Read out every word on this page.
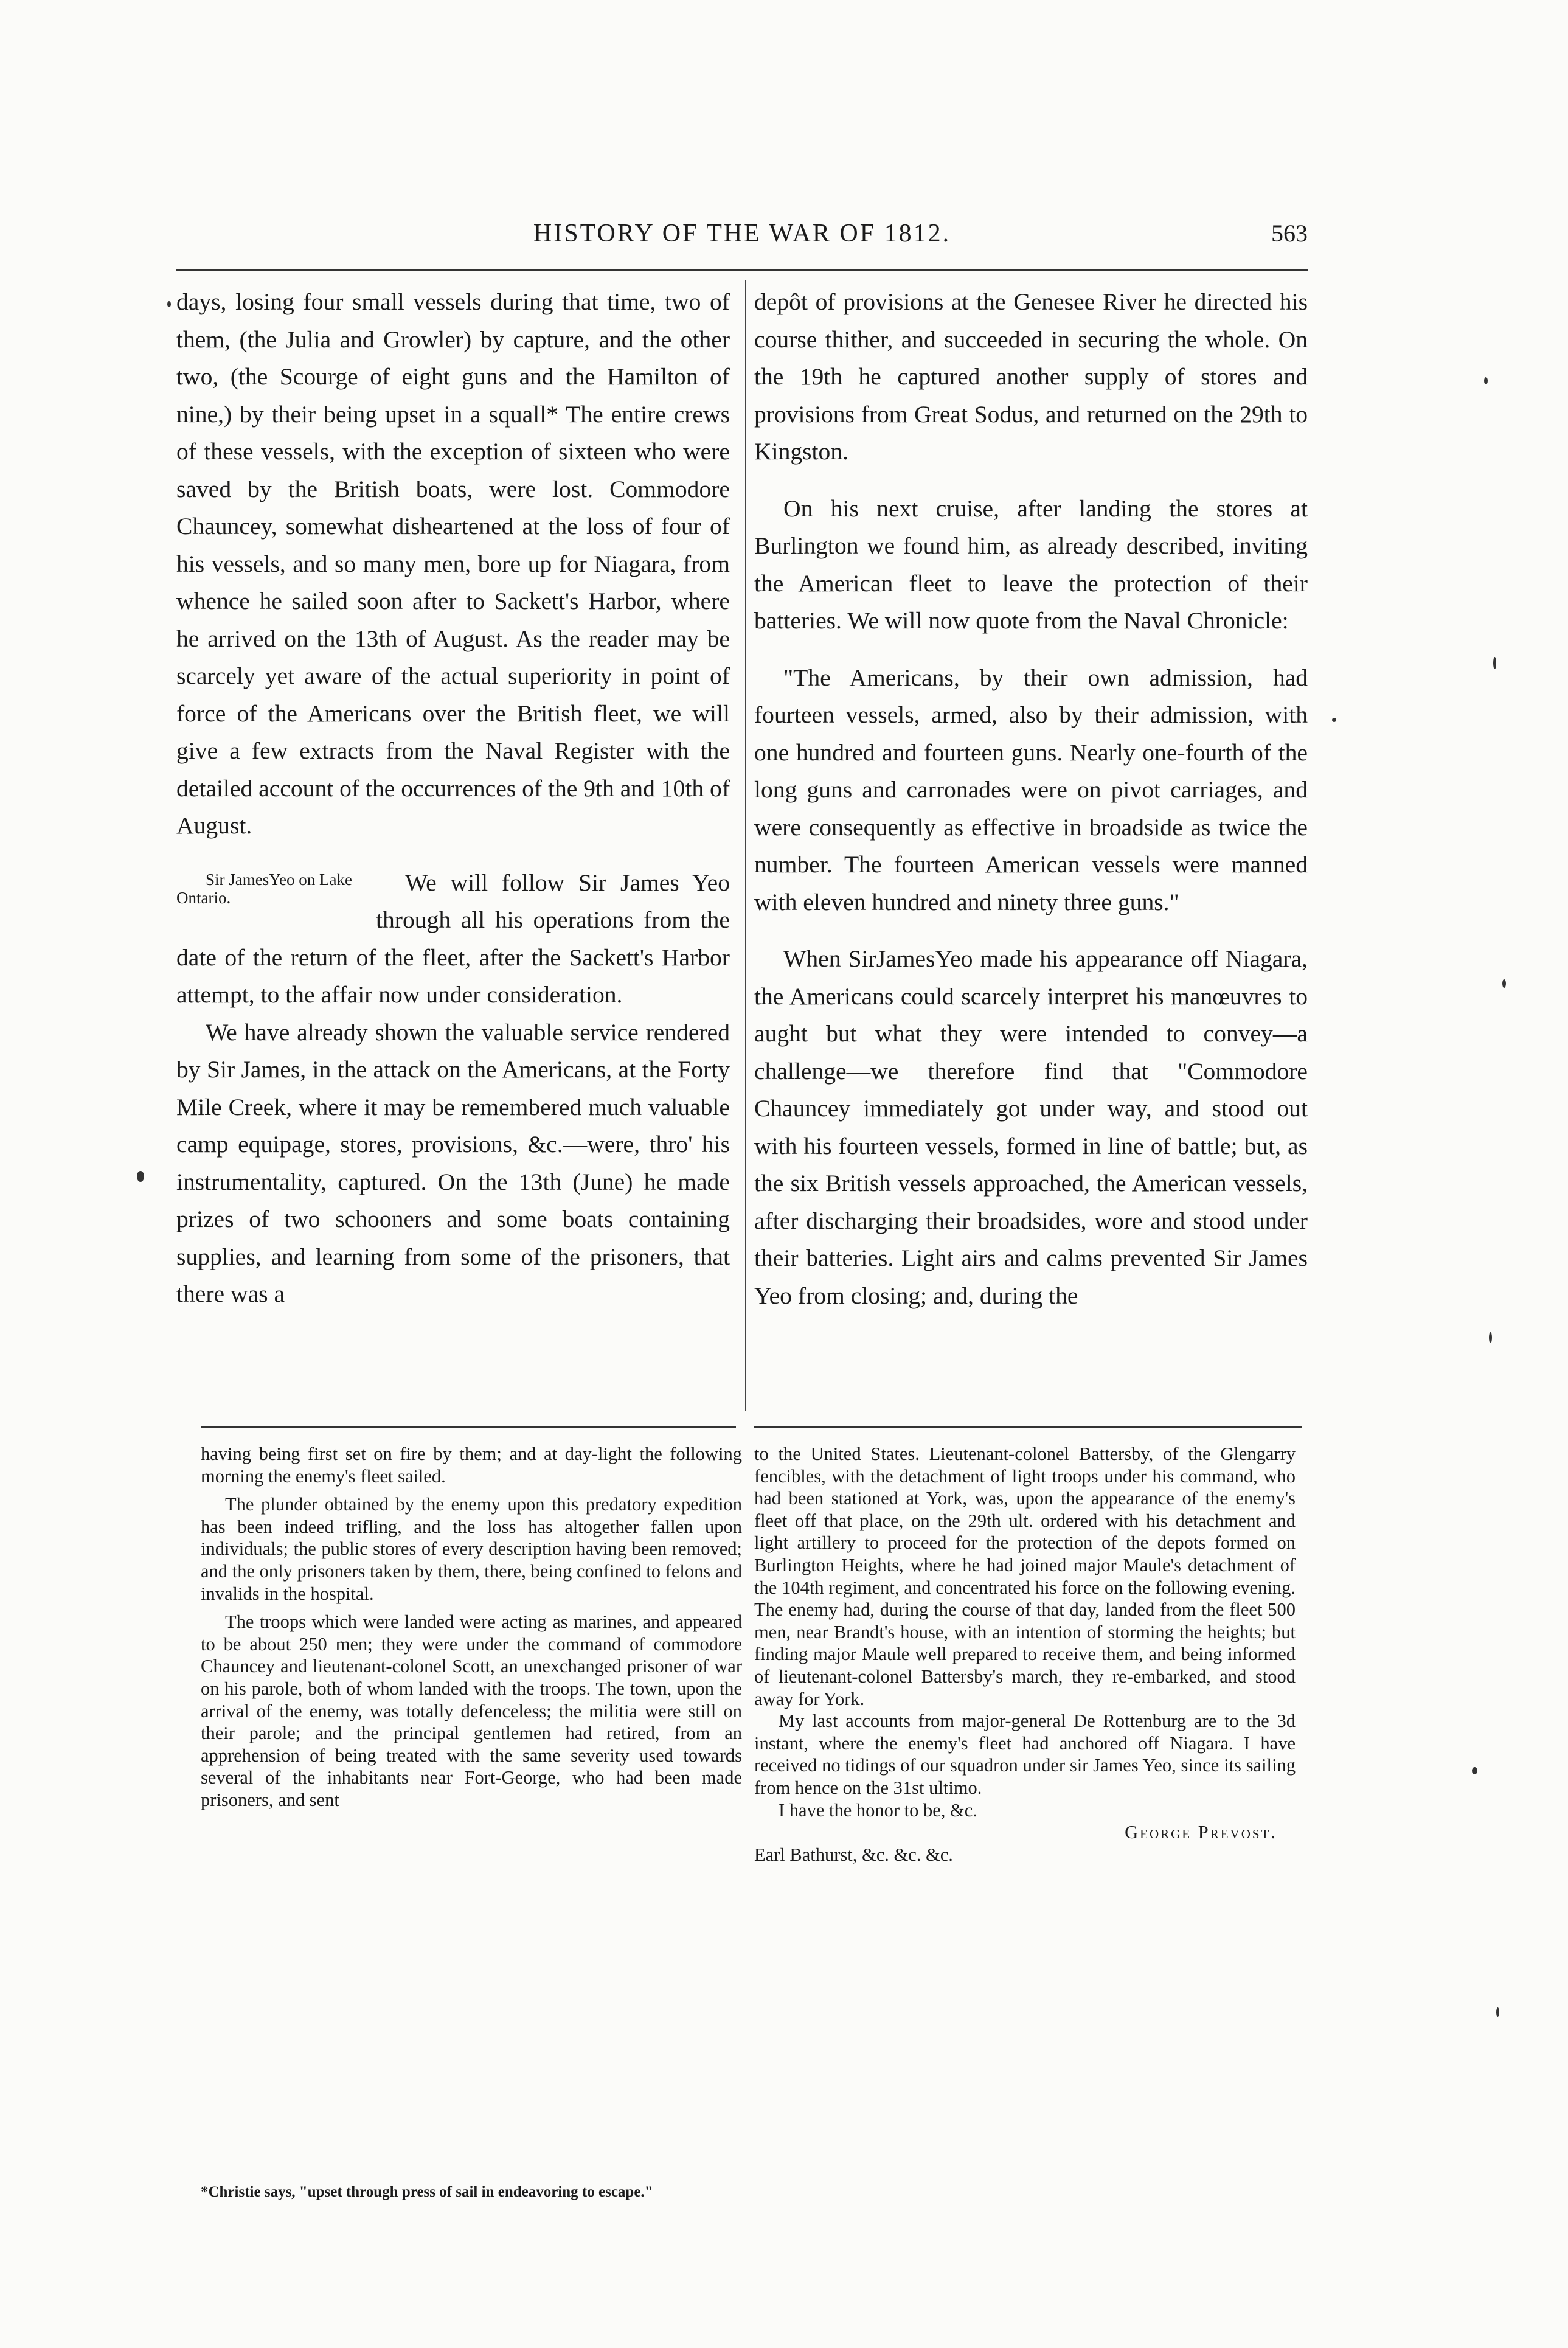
HISTORY OF THE WAR OF 1812.	563

days, losing four small vessels during that time, two of them, (the Julia and Growler) by capture, and the other two, (the Scourge of eight guns and the Hamilton of nine,) by their being upset in a squall* The entire crews of these vessels, with the exception of sixteen who were saved by the British boats, were lost. Commodore Chauncey, somewhat disheartened at the loss of four of his vessels, and so many men, bore up for Niagara, from whence he sailed soon after to Sackett's Harbor, where he arrived on the 13th of August. As the reader may be scarcely yet aware of the actual superiority in point of force of the Americans over the British fleet, we will give a few extracts from the Naval Register with the detailed account of the occurrences of the 9th and 10th of August.

Sir JamesYeo on Lake Ontario.
We will follow Sir James Yeo through all his operations from the date of the return of the fleet, after the Sackett's Harbor attempt, to the affair now under consideration.

We have already shown the valuable service rendered by Sir James, in the attack on the Americans, at the Forty Mile Creek, where it may be remembered much valuable camp equipage, stores, provisions, &c.—were, thro' his instrumentality, captured. On the 13th (June) he made prizes of two schooners and some boats containing supplies, and learning from some of the prisoners, that there was a

depôt of provisions at the Genesee River he directed his course thither, and succeeded in securing the whole. On the 19th he captured another supply of stores and provisions from Great Sodus, and returned on the 29th to Kingston.

On his next cruise, after landing the stores at Burlington we found him, as already described, inviting the American fleet to leave the protection of their batteries. We will now quote from the Naval Chronicle:

"The Americans, by their own admission, had fourteen vessels, armed, also by their admission, with one hundred and fourteen guns. Nearly one-fourth of the long guns and carronades were on pivot carriages, and were consequently as effective in broadside as twice the number. The fourteen American vessels were manned with eleven hundred and ninety three guns."

When SirJamesYeo made his appearance off Niagara, the Americans could scarcely interpret his manœuvres to aught but what they were intended to convey—a challenge—we therefore find that "Commodore Chauncey immediately got under way, and stood out with his fourteen vessels, formed in line of battle; but, as the six British vessels approached, the American vessels, after discharging their broadsides, wore and stood under their batteries. Light airs and calms prevented Sir James Yeo from closing; and, during the

having being first set on fire by them; and at day-light the following morning the enemy's fleet sailed.

The plunder obtained by the enemy upon this predatory expedition has been indeed trifling, and the loss has altogether fallen upon individuals; the public stores of every description having been removed; and the only prisoners taken by them, there, being confined to felons and invalids in the hospital.

The troops which were landed were acting as marines, and appeared to be about 250 men; they were under the command of commodore Chauncey and lieutenant-colonel Scott, an unexchanged prisoner of war on his parole, both of whom landed with the troops. The town, upon the arrival of the enemy, was totally defenceless; the militia were still on their parole; and the principal gentlemen had retired, from an apprehension of being treated with the same severity used towards several of the inhabitants near Fort-George, who had been made prisoners, and sent

to the United States. Lieutenant-colonel Battersby, of the Glengarry fencibles, with the detachment of light troops under his command, who had been stationed at York, was, upon the appearance of the enemy's fleet off that place, on the 29th ult. ordered with his detachment and light artillery to proceed for the protection of the depots formed on Burlington Heights, where he had joined major Maule's detachment of the 104th regiment, and concentrated his force on the following evening. The enemy had, during the course of that day, landed from the fleet 500 men, near Brandt's house, with an intention of storming the heights; but finding major Maule well prepared to receive them, and being informed of lieutenant-colonel Battersby's march, they re-embarked, and stood away for York.

My last accounts from major-general De Rottenburg are to the 3d instant, where the enemy's fleet had anchored off Niagara. I have received no tidings of our squadron under sir James Yeo, since its sailing from hence on the 31st ultimo.

I have the honor to be, &c.

George Prevost.

Earl Bathurst, &c. &c. &c.

*Christie says, "upset through press of sail in endeavoring to escape."
